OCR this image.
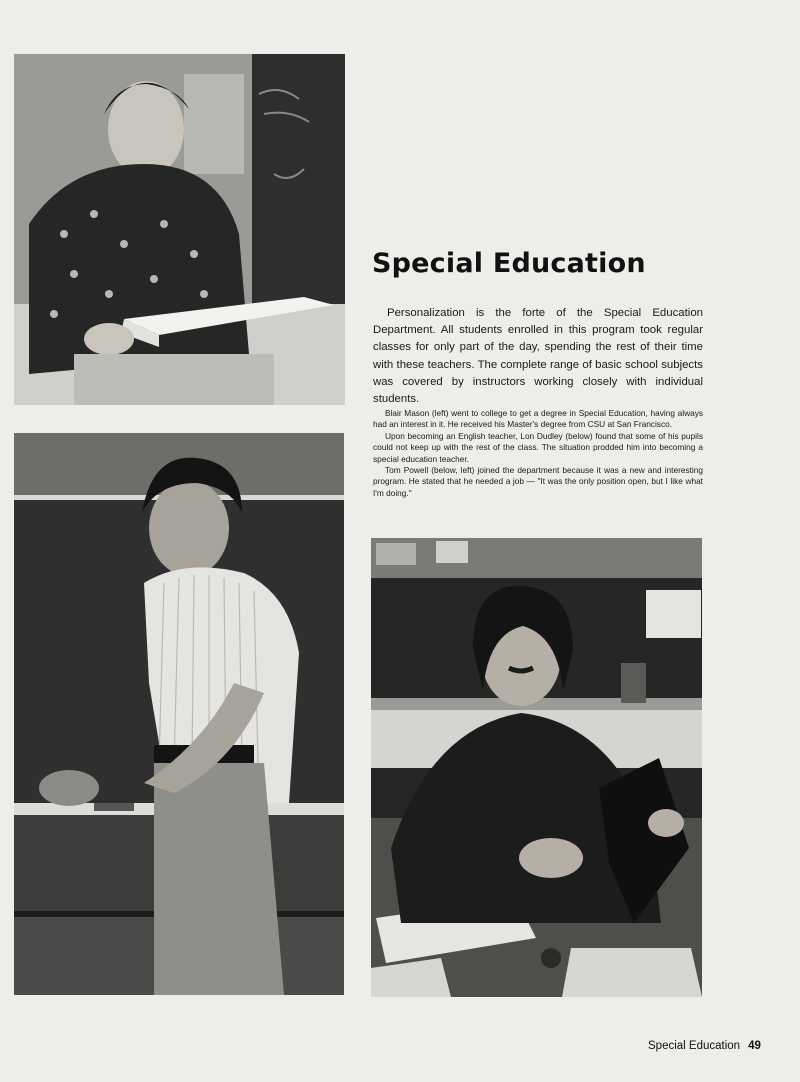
Special Education
Personalization is the forte of the Special Education Department. All students enrolled in this program took regular classes for only part of the day, spending the rest of their time with these teachers. The complete range of basic school subjects was covered by instructors working closely with individual students.

Blair Mason (left) went to college to get a degree in Special Education, having always had an interest in it. He received his Master's degree from CSU at San Francisco.

Upon becoming an English teacher, Lon Dudley (below) found that some of his pupils could not keep up with the rest of the class. The situation prodded him into becoming a special education teacher.

Tom Powell (below, left) joined the department because it was a new and interesting program. He stated that he needed a job — "It was the only position open, but I like what I'm doing."

Special Education 49
